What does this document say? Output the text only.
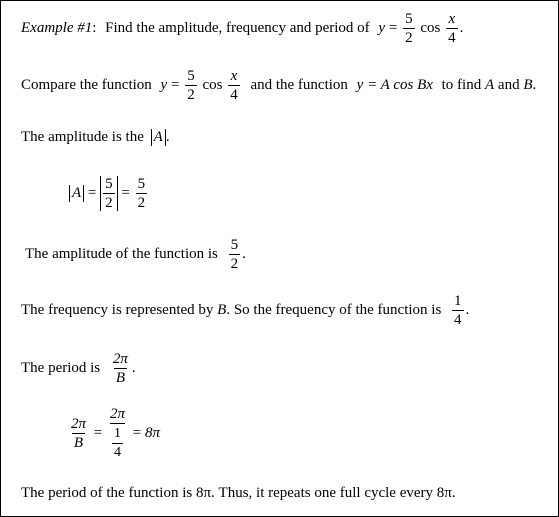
Example #1: Find the amplitude, frequency and period of $y = \frac{5}{2}$ $\cos \frac{x}{4}$ .
Compare the function $y = \frac{5}{2}$ $\cos \frac{x}{4}$ and the function y = A cos Bx to find A and B.
The amplitude is the A .
$A = \frac{5}{2} = \frac{5}{2}$
The amplitude of the function is $\frac{5}{2}$ .
The frequency is represented by B. So the frequency of the function is $\frac{1}{4}$ .
The period is $\frac{2\pi}{B}$ .
$\frac{2\pi}{B} = \frac{2\pi}{\frac{1}{4}} = 8\pi$
The period of the function is 8π. Thus, it repeats one full cycle every 8π.
